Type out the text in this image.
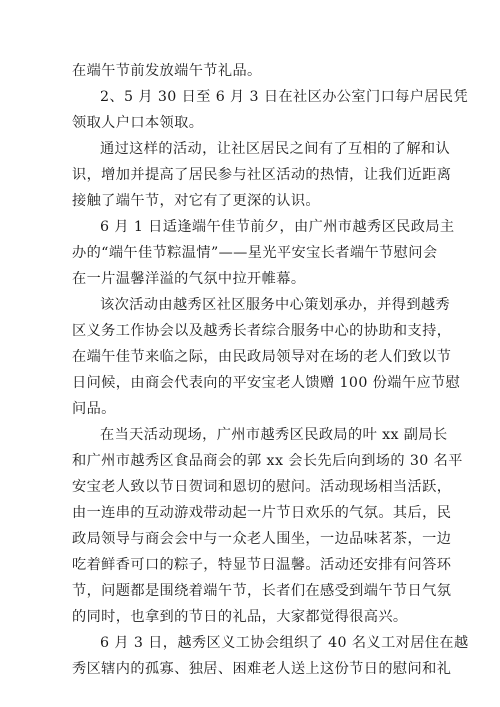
在端午节前发放端午节礼品。
2、5 月 30 日至 6 月 3 日在社区办公室门口每户居民凭
领取人户口本领取。
通过这样的活动，让社区居民之间有了互相的了解和认
识，增加并提高了居民参与社区活动的热情，让我们近距离
接触了端午节，对它有了更深的认识。
6 月 1 日适逢端午佳节前夕，由广州市越秀区民政局主
办的“端午佳节粽温情”——星光平安宝长者端午节慰问会
在一片温馨洋溢的气氛中拉开帷幕。
该次活动由越秀区社区服务中心策划承办，并得到越秀
区义务工作协会以及越秀长者综合服务中心的协助和支持，
在端午佳节来临之际，由民政局领导对在场的老人们致以节
日问候，由商会代表向的平安宝老人馈赠 100 份端午应节慰
问品。
在当天活动现场，广州市越秀区民政局的叶 xx 副局长
和广州市越秀区食品商会的郭 xx 会长先后向到场的 30 名平
安宝老人致以节日贺词和恩切的慰问。活动现场相当活跃，
由一连串的互动游戏带动起一片节日欢乐的气氛。其后，民
政局领导与商会会中与一众老人围坐，一边品味茗茶，一边
吃着鲜香可口的粽子，特显节日温馨。活动还安排有问答环
节，问题都是围绕着端午节，长者们在感受到端午节日气氛
的同时，也拿到的节日的礼品，大家都觉得很高兴。
6 月 3 日，越秀区义工协会组织了 40 名义工对居住在越
秀区辖内的孤寡、独居、困难老人送上这份节日的慰问和礼
